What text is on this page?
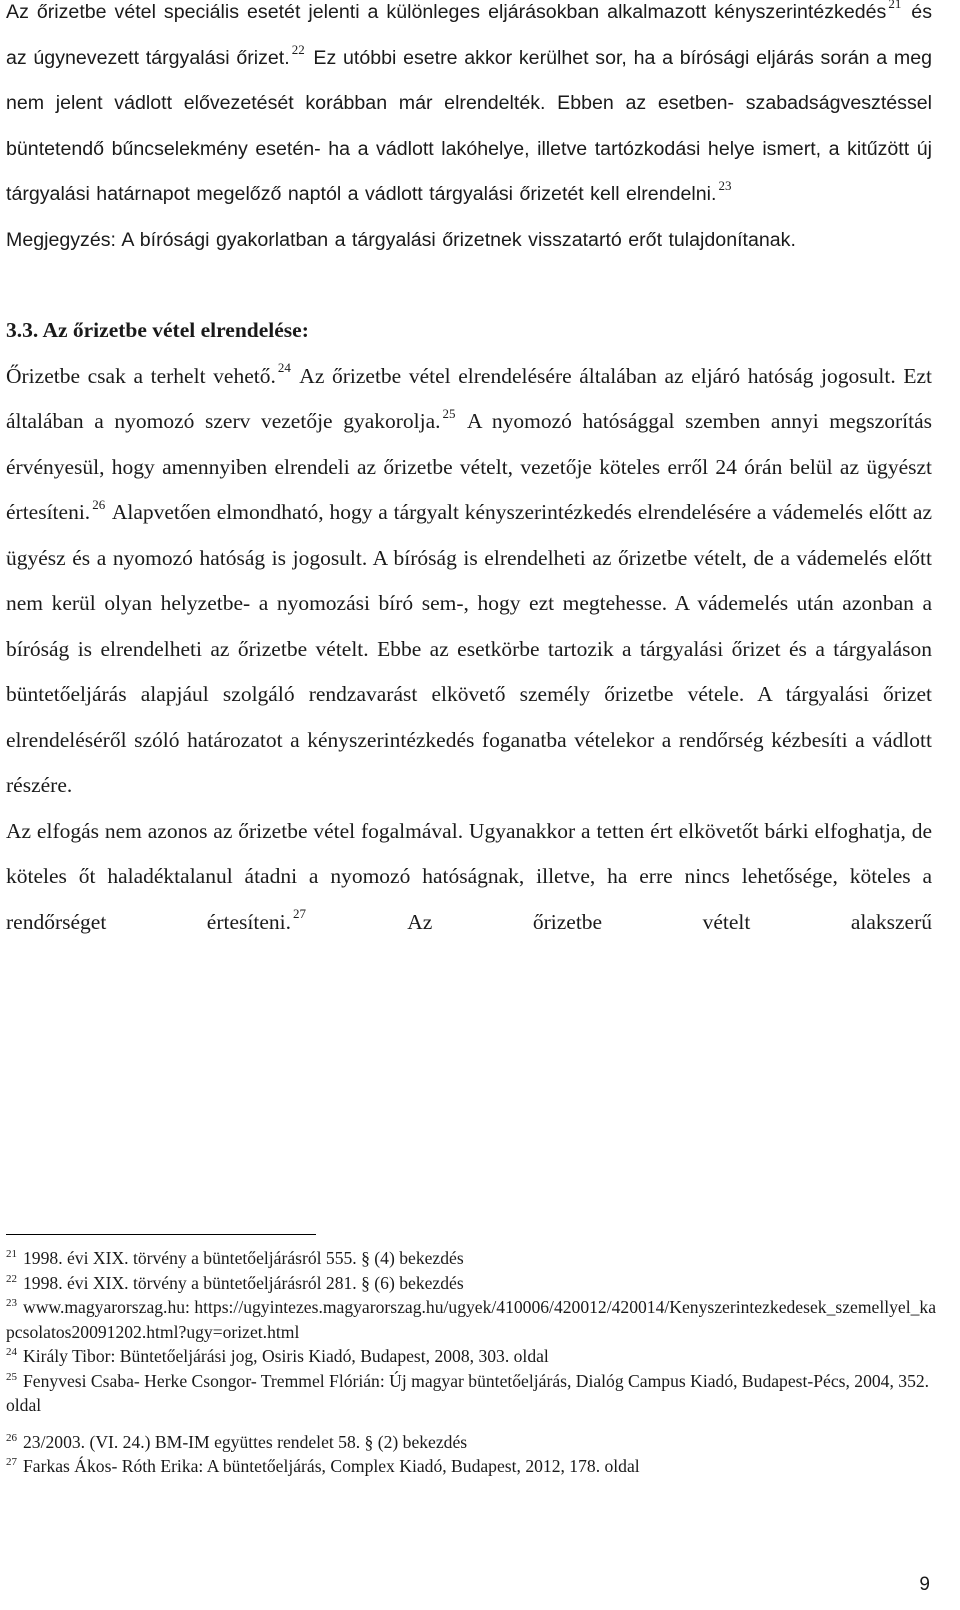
Az őrizetbe vétel speciális esetét jelenti a különleges eljárásokban alkalmazott kényszerintézkedés $^{21}$ és az úgynevezett tárgyalási őrizet. $^{22}$ Ez utóbbi esetre akkor kerülhet sor, ha a bírósági eljárás során a meg nem jelent vádlott elővezetését korábban már elrendelték. Ebben az esetben- szabadságvesztéssel büntetendő bűncselekmény esetén- ha a vádlott lakóhelye, illetve tartózkodási helye ismert, a kitűzött új tárgyalási határnapot megelőző naptól a vádlott tárgyalási őrizetét kell elrendelni. $^{23}$

Megjegyzés: A bírósági gyakorlatban a tárgyalási őrizetnek visszatartó erőt tulajdonítanak.

3.3. Az őrizetbe vétel elrendelése:

Őrizetbe csak a terhelt vehető. $^{24}$ Az őrizetbe vétel elrendelésére általában az eljáró hatóság jogosult. Ezt általában a nyomozó szerv vezetője gyakorolja. $^{25}$ A nyomozó hatósággal szemben annyi megszorítás érvényesül, hogy amennyiben elrendeli az őrizetbe vételt, vezetője köteles erről 24 órán belül az ügyészt értesíteni. $^{26}$ Alapvetően elmondható, hogy a tárgyalt kényszerintézkedés elrendelésére a vádemelés előtt az ügyész és a nyomozó hatóság is jogosult. A bíróság is elrendelheti az őrizetbe vételt, de a vádemelés előtt nem kerül olyan helyzetbe- a nyomozási bíró sem-, hogy ezt megtehesse. A vádemelés után azonban a bíróság is elrendelheti az őrizetbe vételt. Ebbe az esetkörbe tartozik a tárgyalási őrizet és a tárgyaláson büntetőeljárás alapjául szolgáló rendzavarást elkövető személy őrizetbe vétele. A tárgyalási őrizet elrendeléséről szóló határozatot a kényszerintézkedés foganatba vételekor a rendőrség kézbesíti a vádlott részére.

Az elfogás nem azonos az őrizetbe vétel fogalmával. Ugyanakkor a tetten ért elkövetőt bárki elfoghatja, de köteles őt haladéktalanul átadni a nyomozó hatóságnak, illetve, ha erre nincs lehetősége, köteles a rendőrséget értesíteni. $^{27}$ Az őrizetbe vételt alakszerű

$^{21}$ 1998. évi XIX. törvény a büntetőeljárásról 555. § (4) bekezdés

$^{22}$ 1998. évi XIX. törvény a büntetőeljárásról 281. § (6) bekezdés

$^{23}$ www.magyarorszag.hu: https://ugyintezes.magyarorszag.hu/ugyek/410006/420012/420014/Kenyszerintezkedesek_szemellyel_kapcsolatos20091202.html?ugy=orizet.html

$^{24}$ Király Tibor: Büntetőeljárási jog, Osiris Kiadó, Budapest, 2008, 303. oldal

$^{25}$ Fenyvesi Csaba- Herke Csongor- Tremmel Flórián: Új magyar büntetőeljárás, Dialóg Campus Kiadó, Budapest-Pécs, 2004, 352. oldal

$^{26}$ 23/2003. (VI. 24.) BM-IM együttes rendelet 58. § (2) bekezdés

$^{27}$ Farkas Ákos- Róth Erika: A büntetőeljárás, Complex Kiadó, Budapest, 2012, 178. oldal

9
